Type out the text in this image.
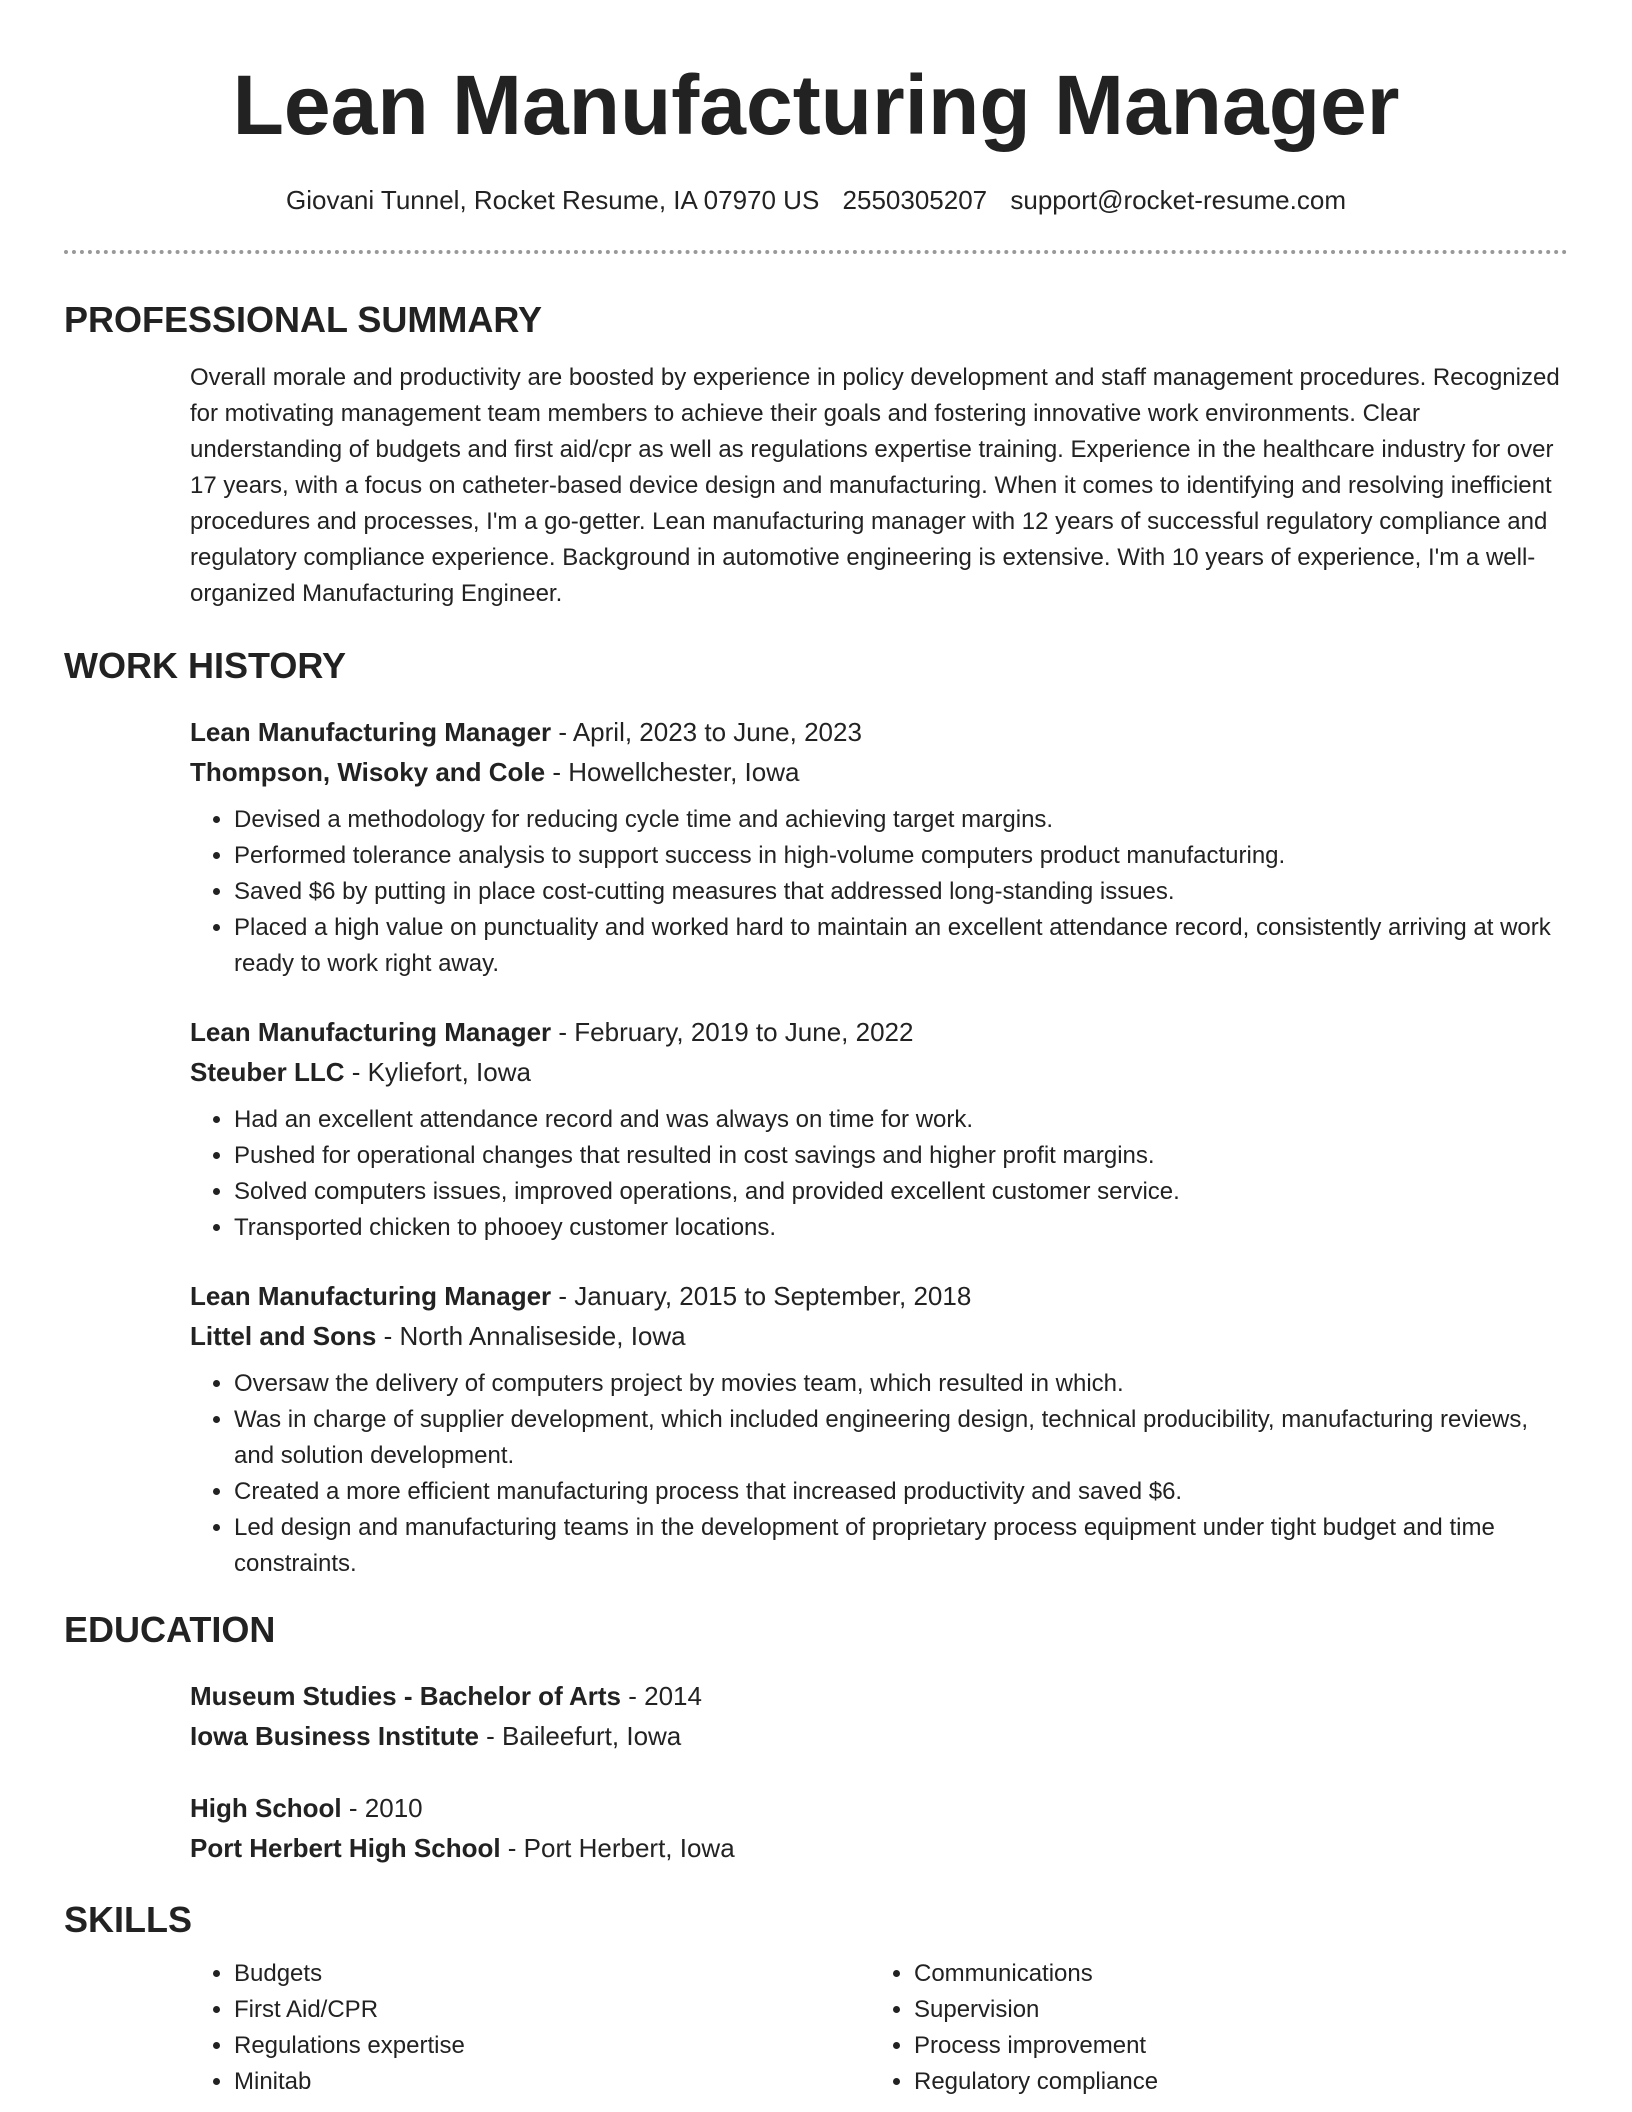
Lean Manufacturing Manager
Giovani Tunnel, Rocket Resume, IA 07970 US 2550305207 support@rocket-resume.com
PROFESSIONAL SUMMARY
Overall morale and productivity are boosted by experience in policy development and staff management procedures. Recognized for motivating management team members to achieve their goals and fostering innovative work environments. Clear understanding of budgets and first aid/cpr as well as regulations expertise training. Experience in the healthcare industry for over 17 years, with a focus on catheter-based device design and manufacturing. When it comes to identifying and resolving inefficient procedures and processes, I'm a go-getter. Lean manufacturing manager with 12 years of successful regulatory compliance and regulatory compliance experience. Background in automotive engineering is extensive. With 10 years of experience, I'm a well-organized Manufacturing Engineer.
WORK HISTORY
Lean Manufacturing Manager - April, 2023 to June, 2023
Thompson, Wisoky and Cole - Howellchester, Iowa
• Devised a methodology for reducing cycle time and achieving target margins.
• Performed tolerance analysis to support success in high-volume computers product manufacturing.
• Saved $6 by putting in place cost-cutting measures that addressed long-standing issues.
• Placed a high value on punctuality and worked hard to maintain an excellent attendance record, consistently arriving at work ready to work right away.
Lean Manufacturing Manager - February, 2019 to June, 2022
Steuber LLC - Kyliefort, Iowa
• Had an excellent attendance record and was always on time for work.
• Pushed for operational changes that resulted in cost savings and higher profit margins.
• Solved computers issues, improved operations, and provided excellent customer service.
• Transported chicken to phooey customer locations.
Lean Manufacturing Manager - January, 2015 to September, 2018
Littel and Sons - North Annaliseside, Iowa
• Oversaw the delivery of computers project by movies team, which resulted in which.
• Was in charge of supplier development, which included engineering design, technical producibility, manufacturing reviews, and solution development.
• Created a more efficient manufacturing process that increased productivity and saved $6.
• Led design and manufacturing teams in the development of proprietary process equipment under tight budget and time constraints.
EDUCATION
Museum Studies - Bachelor of Arts - 2014
Iowa Business Institute - Baileefurt, Iowa
High School - 2010
Port Herbert High School - Port Herbert, Iowa
SKILLS
• Budgets
• First Aid/CPR
• Regulations expertise
• Minitab
• Communications
• Supervision
• Process improvement
• Regulatory compliance
